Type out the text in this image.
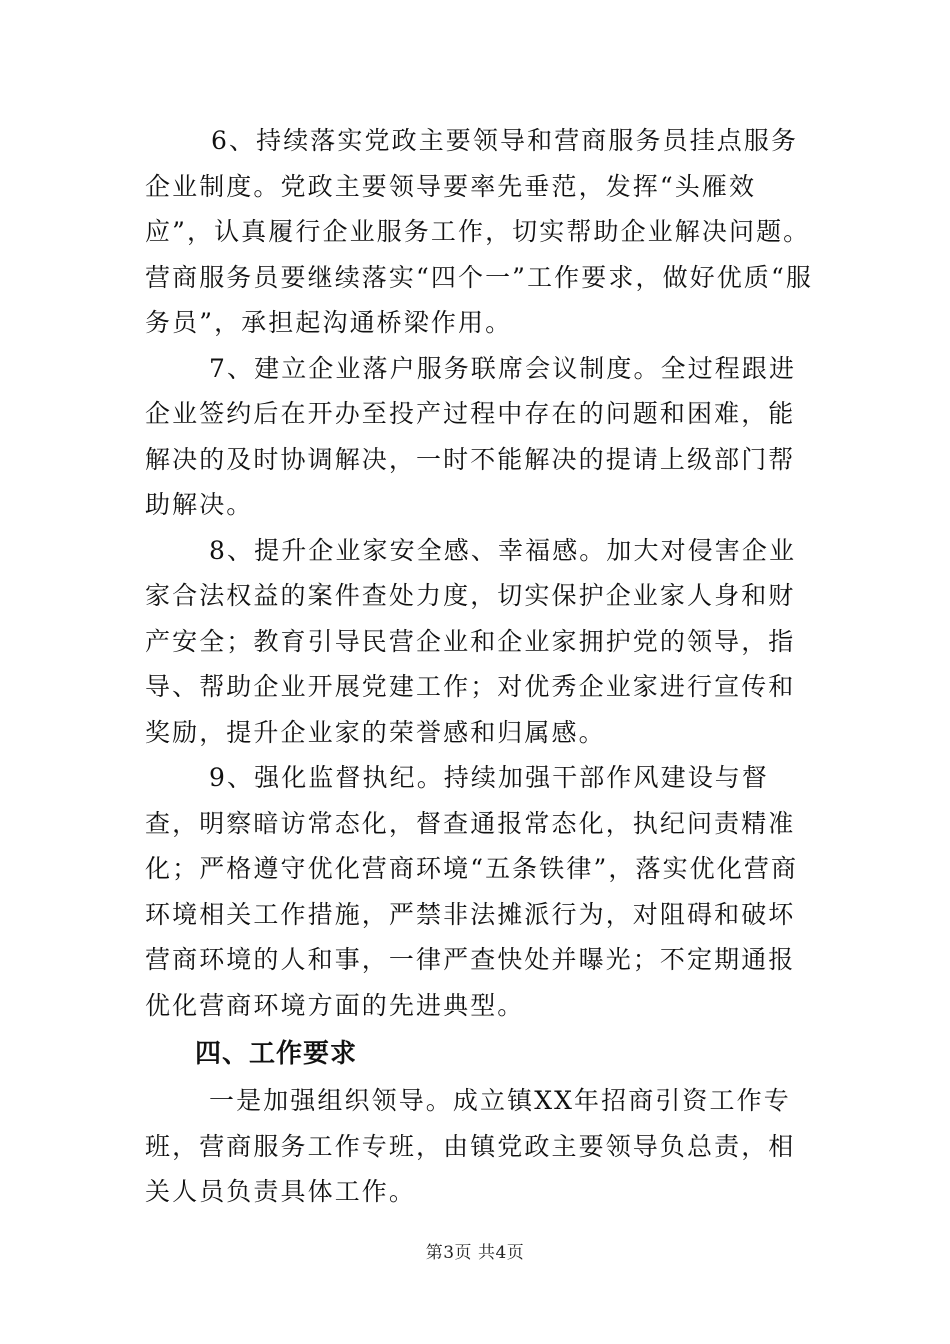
6、持续落实党政主要领导和营商服务员挂点服务企业制度。党政主要领导要率先垂范，发挥“头雁效应”，认真履行企业服务工作，切实帮助企业解决问题。营商服务员要继续落实“四个一”工作要求，做好优质“服务员”，承担起沟通桥梁作用。

7、建立企业落户服务联席会议制度。全过程跟进企业签约后在开办至投产过程中存在的问题和困难，能解决的及时协调解决，一时不能解决的提请上级部门帮助解决。

8、提升企业家安全感、幸福感。加大对侵害企业家合法权益的案件查处力度，切实保护企业家人身和财产安全；教育引导民营企业和企业家拥护党的领导，指导、帮助企业开展党建工作；对优秀企业家进行宣传和奖励，提升企业家的荣誉感和归属感。

9、强化监督执纪。持续加强干部作风建设与督查，明察暗访常态化，督查通报常态化，执纪问责精准化；严格遵守优化营商环境“五条铁律”，落实优化营商环境相关工作措施，严禁非法摊派行为，对阻碍和破坏营商环境的人和事，一律严查快处并曝光；不定期通报优化营商环境方面的先进典型。

四、工作要求

一是加强组织领导。成立镇XX年招商引资工作专班，营商服务工作专班，由镇党政主要领导负总责，相关人员负责具体工作。

第3页 共4页
